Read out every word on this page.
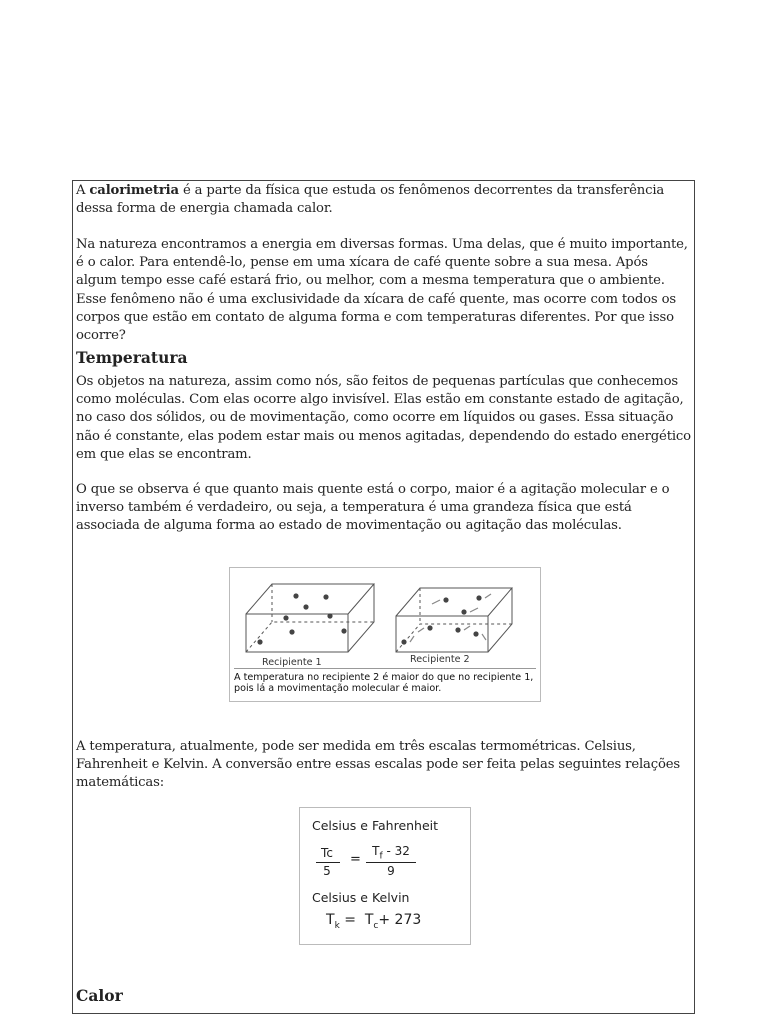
A calorimetria é a parte da física que estuda os fenômenos decorrentes da transferência dessa forma de energia chamada calor.

Na natureza encontramos a energia em diversas formas. Uma delas, que é muito importante, é o calor. Para entendê-lo, pense em uma xícara de café quente sobre a sua mesa. Após algum tempo esse café estará frio, ou melhor, com a mesma temperatura que o ambiente. Esse fenômeno não é uma exclusividade da xícara de café quente, mas ocorre com todos os corpos que estão em contato de alguma forma e com temperaturas diferentes. Por que isso ocorre?

Temperatura

Os objetos na natureza, assim como nós, são feitos de pequenas partículas que conhecemos como moléculas. Com elas ocorre algo invisível. Elas estão em constante estado de agitação, no caso dos sólidos, ou de movimentação, como ocorre em líquidos ou gases. Essa situação não é constante, elas podem estar mais ou menos agitadas, dependendo do estado energético em que elas se encontram.

O que se observa é que quanto mais quente está o corpo, maior é a agitação molecular e o inverso também é verdadeiro, ou seja, a temperatura é uma grandeza física que está associada de alguma forma ao estado de movimentação ou agitação das moléculas.

Recipiente 1	Recipiente 2
A temperatura no recipiente 2 é maior do que no recipiente 1, pois lá a movimentação molecular é maior.

A temperatura, atualmente, pode ser medida em três escalas termométricas. Celsius, Fahrenheit e Kelvin. A conversão entre essas escalas pode ser feita pelas seguintes relações matemáticas:

Celsius e Fahrenheit
Tc
5
=
$T_f - 32$
9
Celsius e Kelvin
$T_k = T_c+ 273$
Calor
